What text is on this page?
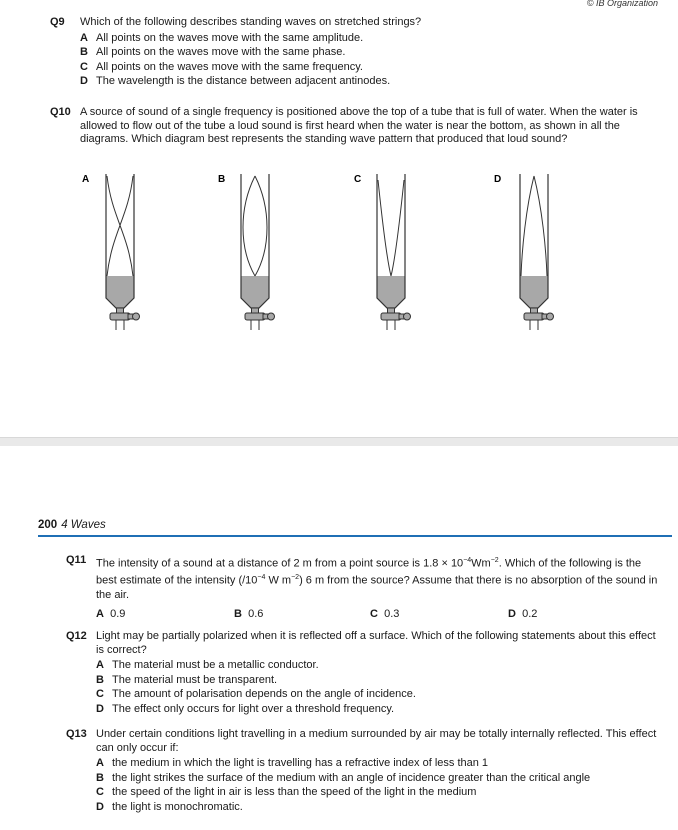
© IB Organization
Q9 Which of the following describes standing waves on stretched strings?
A All points on the waves move with the same amplitude.
B All points on the waves move with the same phase.
C All points on the waves move with the same frequency.
D The wavelength is the distance between adjacent antinodes.
Q10 A source of sound of a single frequency is positioned above the top of a tube that is full of water. When the water is allowed to flow out of the tube a loud sound is first heard when the water is near the bottom, as shown in all the diagrams. Which diagram best represents the standing wave pattern that produced that loud sound?
A	B	C	D
200 4 Waves
Q11 The intensity of a sound at a distance of 2 m from a point source is $1.8 \times 10^{-4}Wm^{-2}$. Which of the following is the best estimate of the intensity ($/10^{-4}$ W $m^{-2}$) 6 m from the source? Assume that there is no absorption of the sound in the air.
A 0.9	B 0.6	C 0.3	D 0.2
Q12 Light may be partially polarized when it is reflected off a surface. Which of the following statements about this effect is correct?
A The material must be a metallic conductor.
B The material must be transparent.
C The amount of polarisation depends on the angle of incidence.
D The effect only occurs for light over a threshold frequency.
Q13 Under certain conditions light travelling in a medium surrounded by air may be totally internally reflected. This effect can only occur if:
A the medium in which the light is travelling has a refractive index of less than 1
B the light strikes the surface of the medium with an angle of incidence greater than the critical angle
C the speed of the light in air is less than the speed of the light in the medium
D the light is monochromatic.
